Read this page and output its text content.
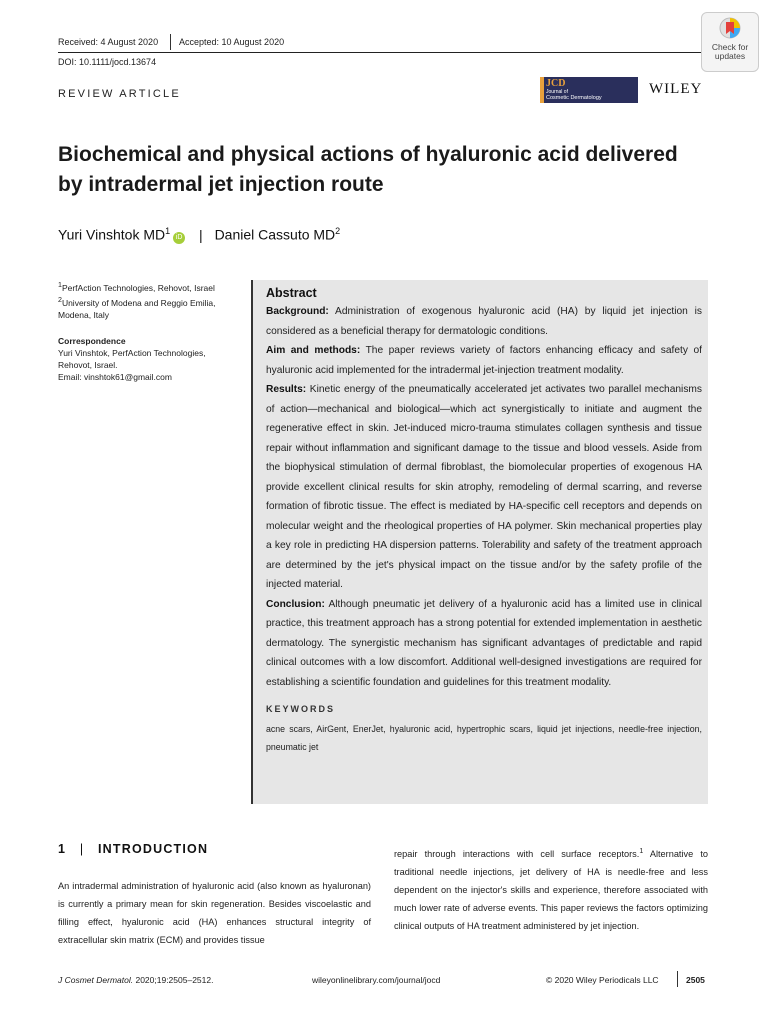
Received: 4 August 2020 Accepted: 10 August 2020
DOI: 10.1111/jocd.13674
Check for
updates
REVIEW ARTICLE
JCD
Journal of
Cosmetic Dermatology
WILEY
Biochemical and physical actions of hyaluronic acid delivered by intradermal jet injection route
Yuri Vinshtok $MD^1iD$ | Daniel Cassuto $MD^2$
$^1$PerfAction Technologies, Rehovot, Israel
$^2$University of Modena and Reggio Emilia, Modena, Italy
Correspondence
Yuri Vinshtok, PerfAction Technologies, Rehovot, Israel.
Email: vinshtok61@gmail.com
Abstract
Background: Administration of exogenous hyaluronic acid (HA) by liquid jet injection is considered as a beneficial therapy for dermatologic conditions.
Aim and methods: The paper reviews variety of factors enhancing efficacy and safety of hyaluronic acid implemented for the intradermal jet-injection treatment modality.
Results: Kinetic energy of the pneumatically accelerated jet activates two parallel mechanisms of action—mechanical and biological—which act synergistically to initiate and augment the regenerative effect in skin. Jet-induced micro-trauma stimulates collagen synthesis and tissue repair without inflammation and significant damage to the tissue and blood vessels. Aside from the biophysical stimulation of dermal fibroblast, the biomolecular properties of exogenous HA provide excellent clinical results for skin atrophy, remodeling of dermal scarring, and reverse formation of fibrotic tissue. The effect is mediated by HA-specific cell receptors and depends on molecular weight and the rheological properties of HA polymer. Skin mechanical properties play a key role in predicting HA dispersion patterns. Tolerability and safety of the treatment approach are determined by the jet's physical impact on the tissue and/or by the safety profile of the injected material.
Conclusion: Although pneumatic jet delivery of a hyaluronic acid has a limited use in clinical practice, this treatment approach has a strong potential for extended implementation in aesthetic dermatology. The synergistic mechanism has significant advantages of predictable and rapid clinical outcomes with a low discomfort. Additional well-designed investigations are required for establishing a scientific foundation and guidelines for this treatment modality.
KEYWORDS
acne scars, AirGent, EnerJet, hyaluronic acid, hypertrophic scars, liquid jet injections, needle-free injection, pneumatic jet
1 | INTRODUCTION
An intradermal administration of hyaluronic acid (also known as hyaluronan) is currently a primary mean for skin regeneration. Besides viscoelastic and filling effect, hyaluronic acid (HA) enhances structural integrity of extracellular skin matrix (ECM) and provides tissue
repair through interactions with cell surface receptors.$^1$ Alternative to traditional needle injections, jet delivery of HA is needle-free and less dependent on the injector's skills and experience, therefore associated with much lower rate of adverse events. This paper reviews the factors optimizing clinical outputs of HA treatment administered by jet injection.
J Cosmet Dermatol. 2020;19:2505–2512.	wileyonlinelibrary.com/journal/jocd	© 2020 Wiley Periodicals LLC	2505
